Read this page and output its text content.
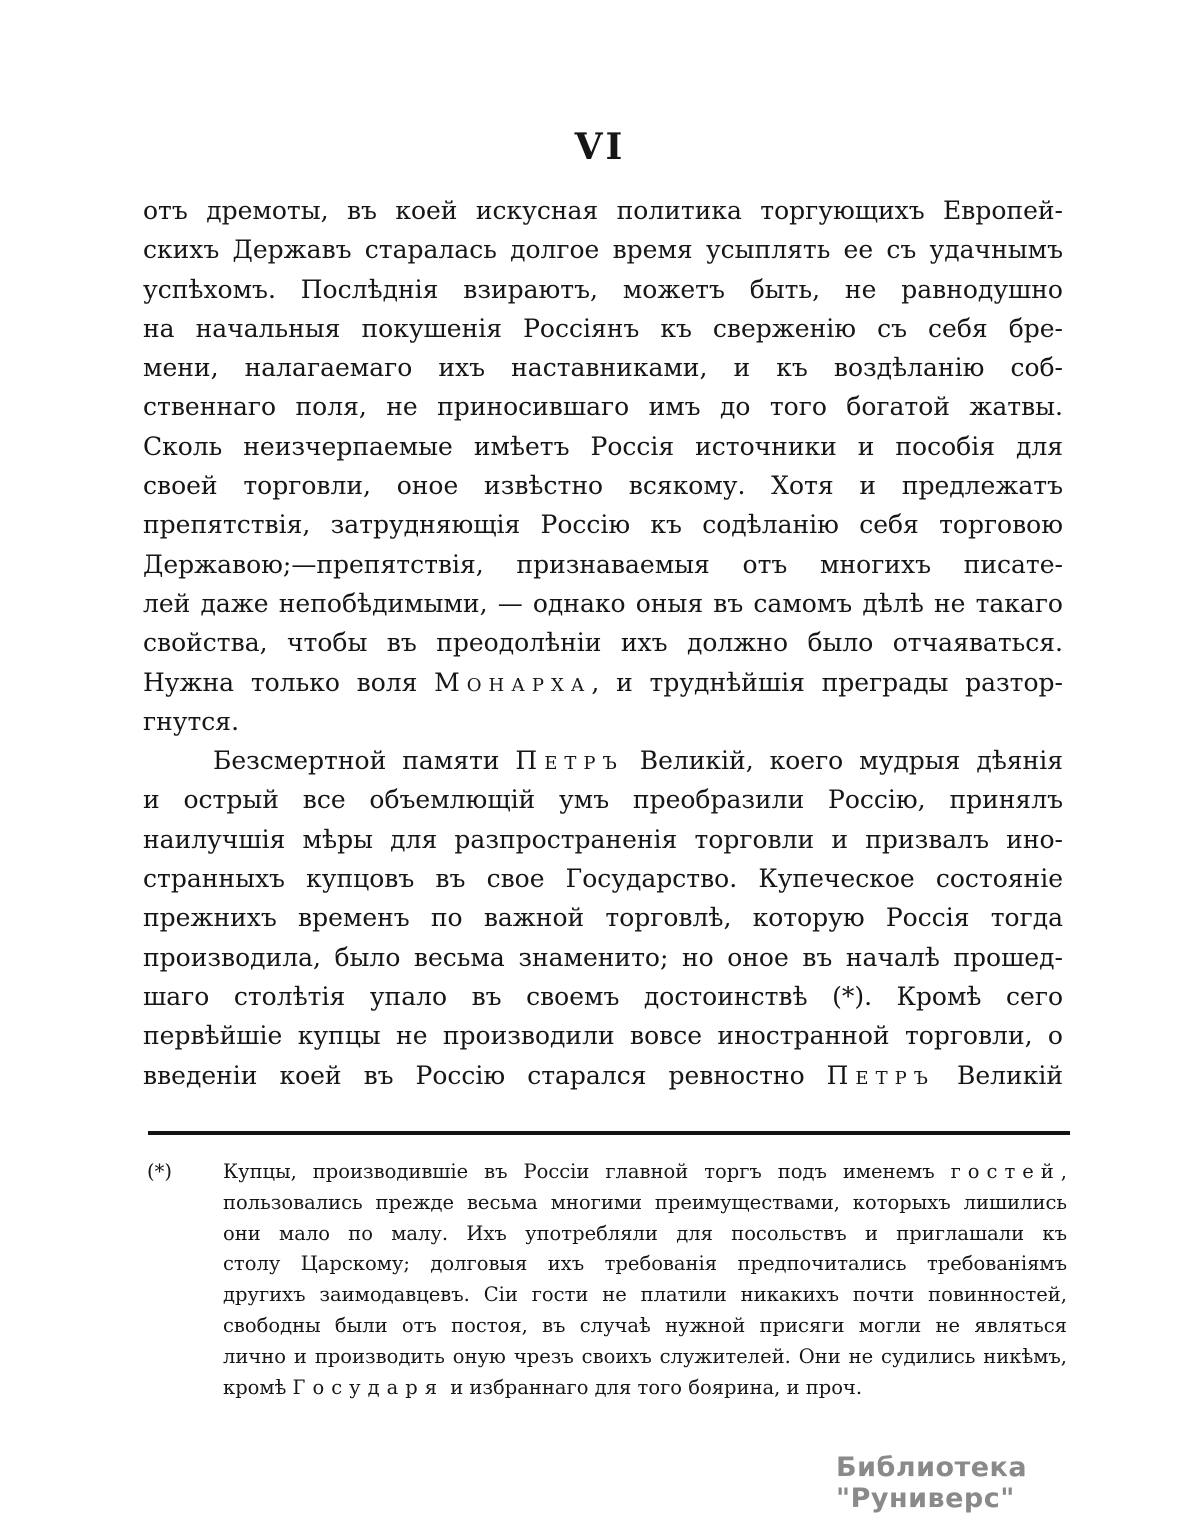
VI
отъ дремоты, въ коей искусная политика торгующихъ Европей-
скихъ Державъ старалась долгое время усыплять ее съ удачнымъ
успѣхомъ. Послѣднія взираютъ, можетъ быть, не равнодушно
на начальныя покушенія Россіянъ къ сверженію съ себя бре-
мени, налагаемаго ихъ наставниками, и къ воздѣланію соб-
ственнаго поля, не приносившаго имъ до того богатой жатвы.
Сколь неизчерпаемые имѣетъ Россія источники и пособія для
своей торговли, оное извѣстно всякому. Хотя и предлежатъ
препятствія, затрудняющія Россію къ содѣланію себя торговою
Державою;—препятствія, признаваемыя отъ многихъ писате-
лей даже непобѣдимыми, — однако оныя въ самомъ дѣлѣ не такаго
свойства, чтобы въ преодолѣніи ихъ должно было отчаяваться.
Нужна только воля Монарха, и труднѣйшія преграды разтор-
гнутся.
Безсмертной памяти Петръ Великій, коего мудрыя дѣянія
и острый все объемлющій умъ преобразили Россію, принялъ
наилучшія мѣры для разпространенія торговли и призвалъ ино-
странныхъ купцовъ въ свое Государство. Купеческое состояніе
прежнихъ временъ по важной торговлѣ, которую Россія тогда
производила, было весьма знаменито; но оное въ началѣ прошед-
шаго столѣтія упало въ своемъ достоинствѣ (*). Кромѣ сего
первѣйшіе купцы не производили вовсе иностранной торговли, о
введеніи коей въ Россію старался ревностно Петръ Великій
(*)	Купцы, производившіе въ Россіи главной торгъ подъ именемъ гостей,
пользовались прежде весьма многими преимуществами, которыхъ лишились
они мало по малу. Ихъ употребляли для посольствъ и приглашали къ
столу Царскому; долговыя ихъ требованія предпочитались требованіямъ
другихъ заимодавцевъ. Сіи гости не платили никакихъ почти повинностей,
свободны были отъ постоя, въ случаѣ нужной присяги могли не являться
лично и производить оную чрезъ своихъ служителей. Они не судились никѣмъ,
кромѣ Государя и избраннаго для того боярина, и проч.
Библиотека "Руниверс"
